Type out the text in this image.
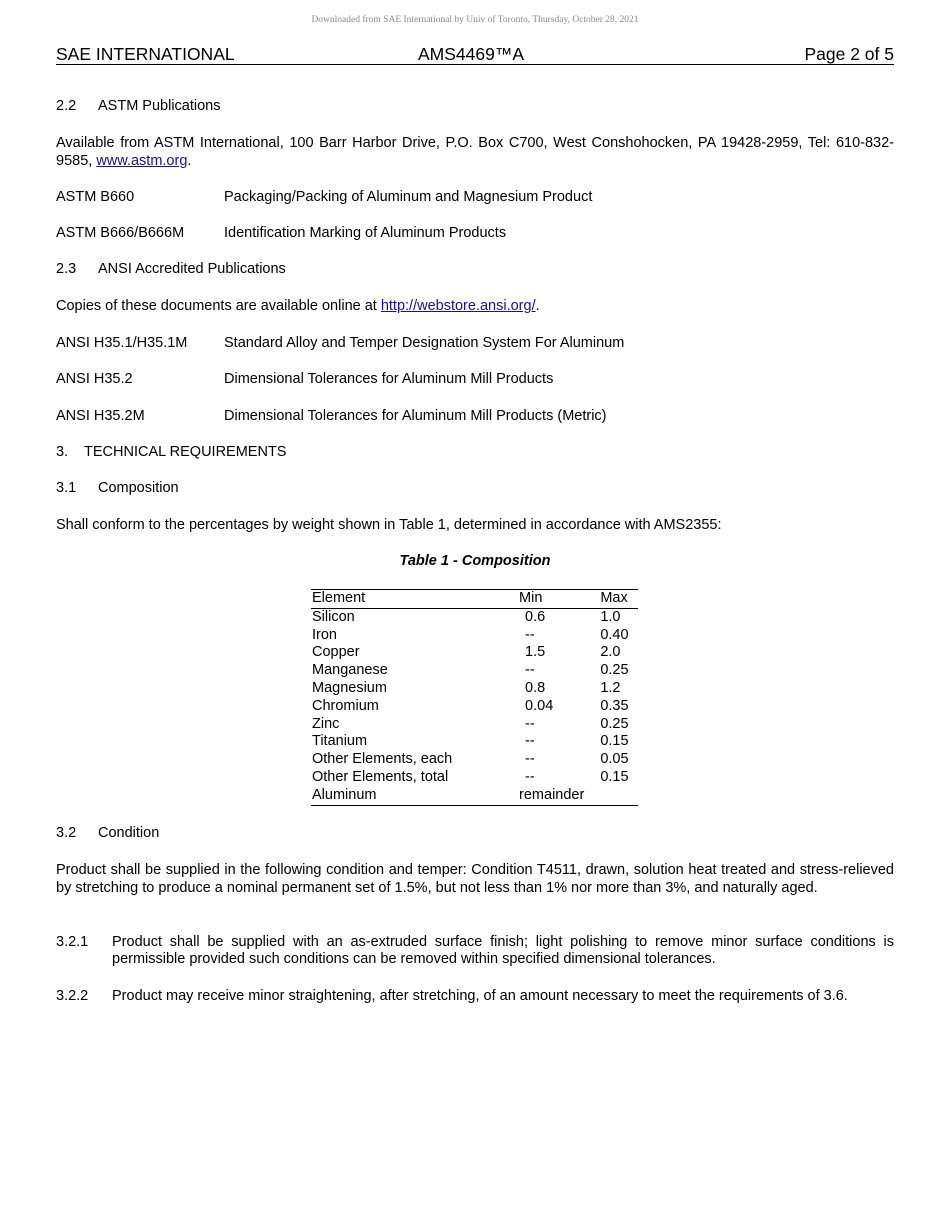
Downloaded from SAE International by Univ of Toronto, Thursday, October 28, 2021
SAE INTERNATIONAL	AMS4469™A	Page 2 of 5
2.2 ASTM Publications
Available from ASTM International, 100 Barr Harbor Drive, P.O. Box C700, West Conshohocken, PA 19428-2959, Tel: 610-832-9585, www.astm.org.
ASTM B660	Packaging/Packing of Aluminum and Magnesium Product
ASTM B666/B666M	Identification Marking of Aluminum Products
2.3 ANSI Accredited Publications
Copies of these documents are available online at http://webstore.ansi.org/.
ANSI H35.1/H35.1M	Standard Alloy and Temper Designation System For Aluminum
ANSI H35.2	Dimensional Tolerances for Aluminum Mill Products
ANSI H35.2M	Dimensional Tolerances for Aluminum Mill Products (Metric)
3. TECHNICAL REQUIREMENTS
3.1 Composition
Shall conform to the percentages by weight shown in Table 1, determined in accordance with AMS2355:
Table 1 - Composition
Element	Min	Max
Silicon	0.6	1.0
Iron	--	0.40
Copper	1.5	2.0
Manganese	--	0.25
Magnesium	0.8	1.2
Chromium	0.04	0.35
Zinc	--	0.25
Titanium	--	0.15
Other Elements, each	--	0.05
Other Elements, total	--	0.15
Aluminum	remainder	
3.2 Condition
Product shall be supplied in the following condition and temper: Condition T4511, drawn, solution heat treated and stress-relieved by stretching to produce a nominal permanent set of 1.5%, but not less than 1% nor more than 3%, and naturally aged.
3.2.1 Product shall be supplied with an as-extruded surface finish; light polishing to remove minor surface conditions is permissible provided such conditions can be removed within specified dimensional tolerances.
3.2.2 Product may receive minor straightening, after stretching, of an amount necessary to meet the requirements of 3.6.
